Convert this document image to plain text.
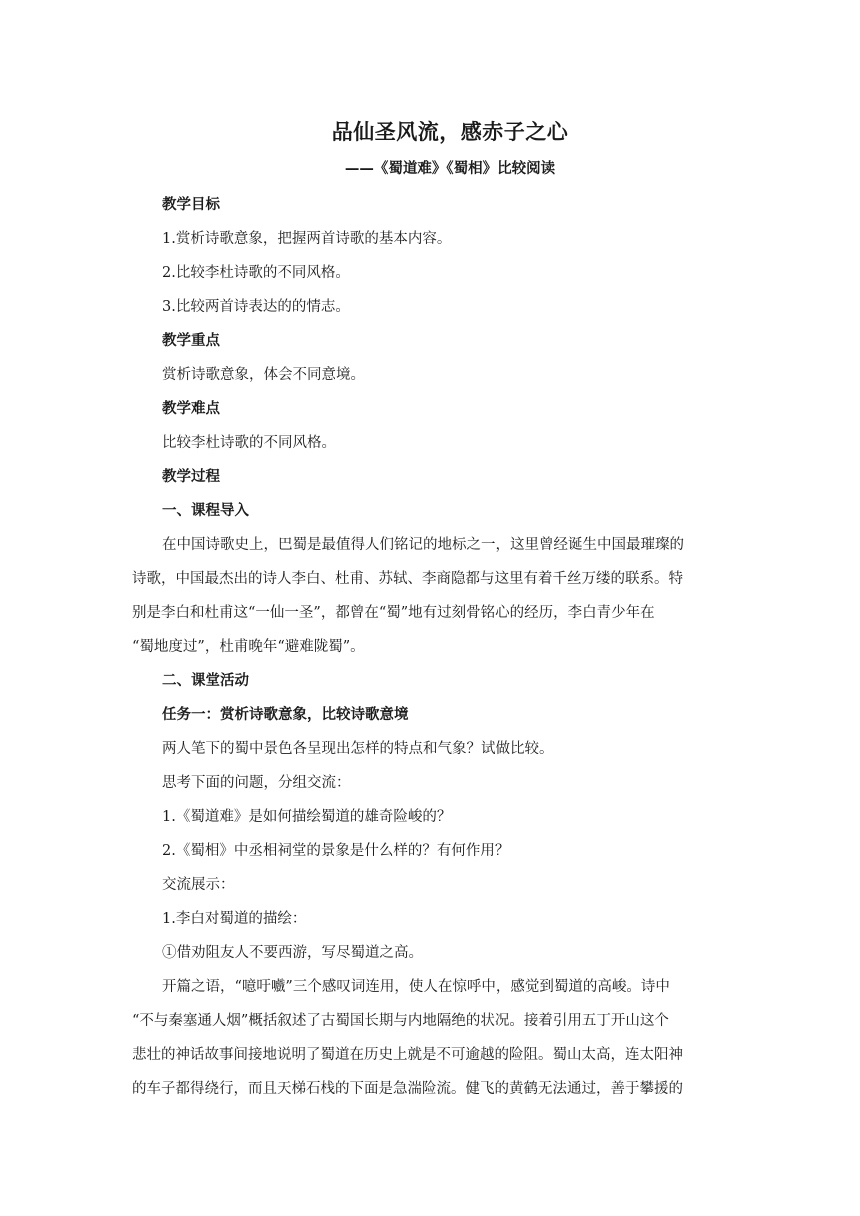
品仙圣风流，感赤子之心
——《蜀道难》《蜀相》比较阅读

教学目标

1.赏析诗歌意象，把握两首诗歌的基本内容。

2.比较李杜诗歌的不同风格。

3.比较两首诗表达的的情志。

教学重点

赏析诗歌意象，体会不同意境。

教学难点

比较李杜诗歌的不同风格。

教学过程

一、课程导入

在中国诗歌史上，巴蜀是最值得人们铭记的地标之一，这里曾经诞生中国最璀璨的

诗歌，中国最杰出的诗人李白、杜甫、苏轼、李商隐都与这里有着千丝万缕的联系。特

别是李白和杜甫这“一仙一圣”，都曾在“蜀”地有过刻骨铭心的经历，李白青少年在

“蜀地度过”，杜甫晚年“避难陇蜀”。

二、课堂活动

任务一：赏析诗歌意象，比较诗歌意境

两人笔下的蜀中景色各呈现出怎样的特点和气象？试做比较。

思考下面的问题，分组交流：

1.《蜀道难》是如何描绘蜀道的雄奇险峻的？

2.《蜀相》中丞相祠堂的景象是什么样的？有何作用？

交流展示：

1.李白对蜀道的描绘：

①借劝阻友人不要西游，写尽蜀道之高。

开篇之语，“噫吁嚱”三个感叹词连用，使人在惊呼中，感觉到蜀道的高峻。诗中

“不与秦塞通人烟”概括叙述了古蜀国长期与内地隔绝的状况。接着引用五丁开山这个

悲壮的神话故事间接地说明了蜀道在历史上就是不可逾越的险阻。蜀山太高，连太阳神

的车子都得绕行，而且天梯石栈的下面是急湍险流。健飞的黄鹤无法通过，善于攀援的
